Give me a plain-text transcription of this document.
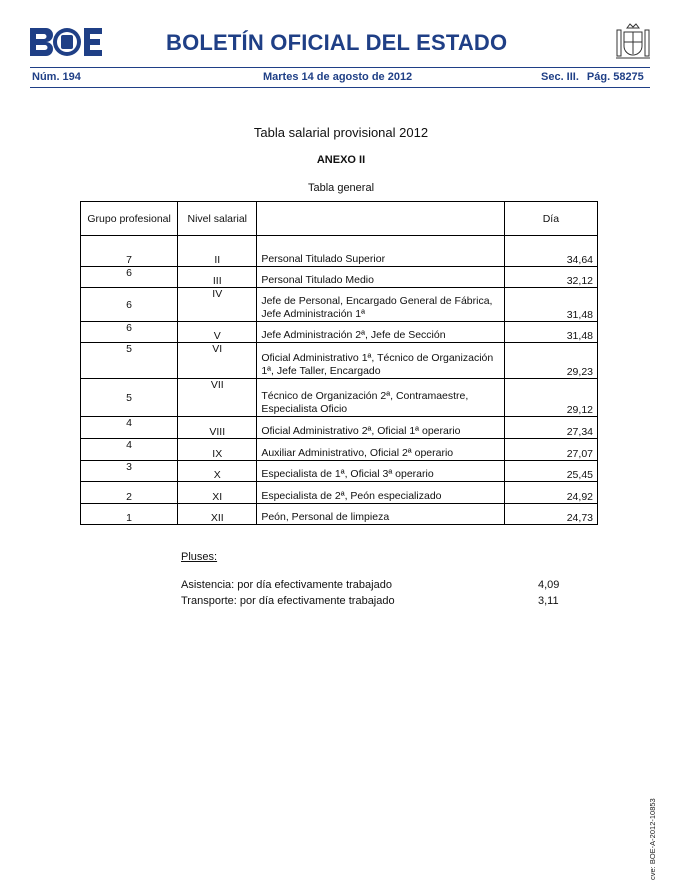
BOLETÍN OFICIAL DEL ESTADO
Núm. 194	Martes 14 de agosto de 2012	Sec. III. Pág. 58275
Tabla salarial provisional 2012
ANEXO II
Tabla general
Grupo profesional	Nivel salarial		Día
7	II	Personal Titulado Superior	34,64
6	III	Personal Titulado Medio	32,12
6	IV	Jefe de Personal, Encargado General de Fábrica, Jefe Administración 1ª	31,48
6	V	Jefe Administración 2ª, Jefe de Sección	31,48
5	VI	Oficial Administrativo 1ª, Técnico de Organización 1ª, Jefe Taller, Encargado	29,23
5	VII	Técnico de Organización 2ª, Contramaestre, Especialista Oficio	29,12
4	VIII	Oficial Administrativo 2ª, Oficial 1ª operario	27,34
4	IX	Auxiliar Administrativo, Oficial 2ª operario	27,07
3	X	Especialista de 1ª, Oficial 3ª operario	25,45
2	XI	Especialista de 2ª, Peón especializado	24,92
1	XII	Peón, Personal de limpieza	24,73
Pluses:
Asistencia: por día efectivamente trabajado	4,09
Transporte: por día efectivamente trabajado	3,11
cve: BOE-A-2012-10853
